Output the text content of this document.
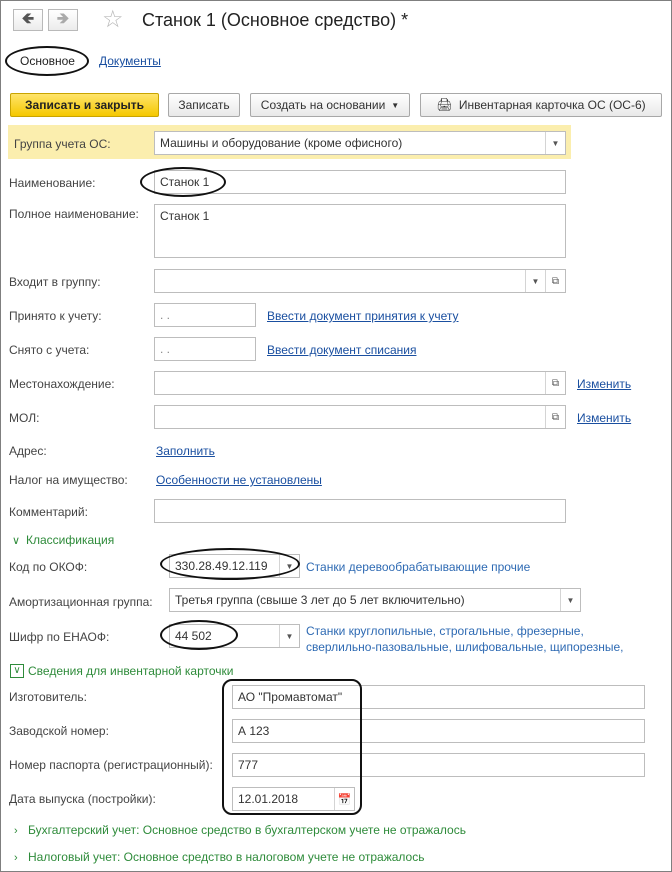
🡸 🡺 ☆ Станок 1 (Основное средство) *
Основное Документы
Записать и закрыть	Записать	Создать на основании ▼	🖨 Инвентарная карточка ОС (ОС-6)
Группа учета ОС:	Машины и оборудование (кроме офисного)	▼
Наименование:	Станок 1
Полное наименование:	Станок 1
Входит в группу:	▼	⧉
Принято к учету:	. .	Ввести документ принятия к учету
Снято с учета:	. .	Ввести документ списания
Местонахождение:	⧉	Изменить
МОЛ:	⧉	Изменить
Адрес:	Заполнить
Налог на имущество: Особенности не установлены
Комментарий:
∨ Классификация
Код по ОКОФ:	330.28.49.12.119	▼	Станки деревообрабатывающие прочие
Амортизационная группа:	Третья группа (свыше 3 лет до 5 лет включительно)	▼
Шифр по ЕНАОФ:	44 502	▼	Станки круглопильные, строгальные, фрезерные,
сверлильно-пазовальные, шлифовальные, щипорезные,
∨ Сведения для инвентарной карточки
Изготовитель:	АО "Промавтомат"
Заводской номер:	А 123
Номер паспорта (регистрационный):	777
Дата выпуска (постройки):	12.01.2018	📅
› Бухгалтерский учет: Основное средство в бухгалтерском учете не отражалось
› Налоговый учет: Основное средство в налоговом учете не отражалось
